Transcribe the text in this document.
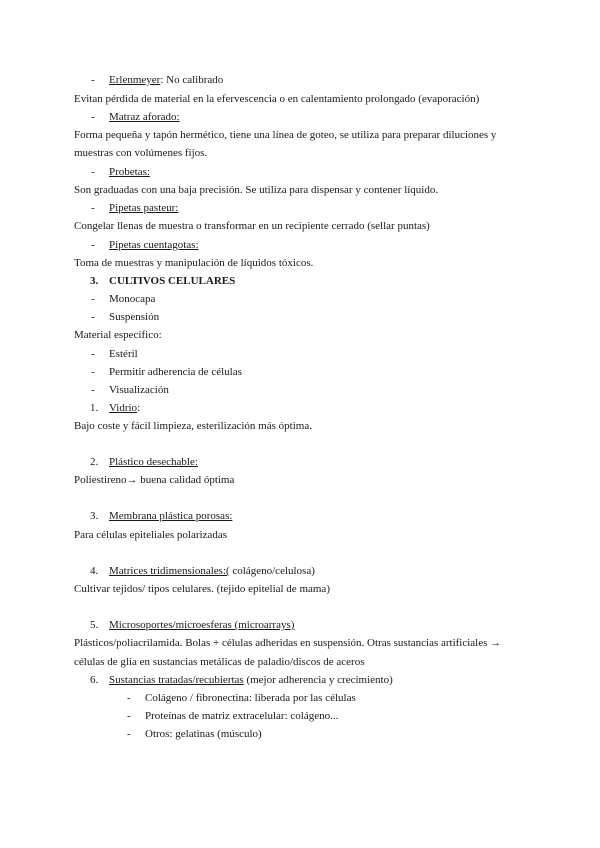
- Erlenmeyer: No calibrado
Evitan pérdida de material en la efervescencia o en calentamiento prolongado (evaporación)
- Matraz aforado:
Forma pequeña y tapón hermético, tiene una línea de goteo, se utiliza para preparar diluciones y
muestras con volúmenes fijos.
- Probetas:
Son graduadas con una baja precisión. Se utiliza para dispensar y contener líquido.
- Pipetas pasteur:
Congelar llenas de muestra o transformar en un recipiente cerrado (sellar puntas)
- Pipetas cuentagotas:
Toma de muestras y manipulación de líquidos tóxicos.
3. CULTIVOS CELULARES
- Monocapa
- Suspensión
Material específico:
- Estéril
- Permitir adherencia de células
- Visualización
1. Vidrio:
Bajo coste y fácil limpieza, esterilización más óptima.
2. Plástico desechable:
Poliestireno→ buena calidad óptima
3. Membrana plástica porosas:
Para células epiteliales polarizadas
4. Matrices tridimensionales:( colágeno/celulosa)
Cultivar tejidos/ tipos celulares. (tejido epitelial de mama)
5. Microsoportes/microesferas (microarrays)
Plásticos/poliacrilamida. Bolas + células adheridas en suspensión. Otras sustancias artificiales →
células de glía en sustancias metálicas de paladio/discos de aceros
6. Sustancias tratadas/recubiertas (mejor adherencia y crecimiento)
- Colágeno / fibronectina: liberada por las células
- Proteínas de matriz extracelular: colágeno...
- Otros: gelatinas (músculo)
